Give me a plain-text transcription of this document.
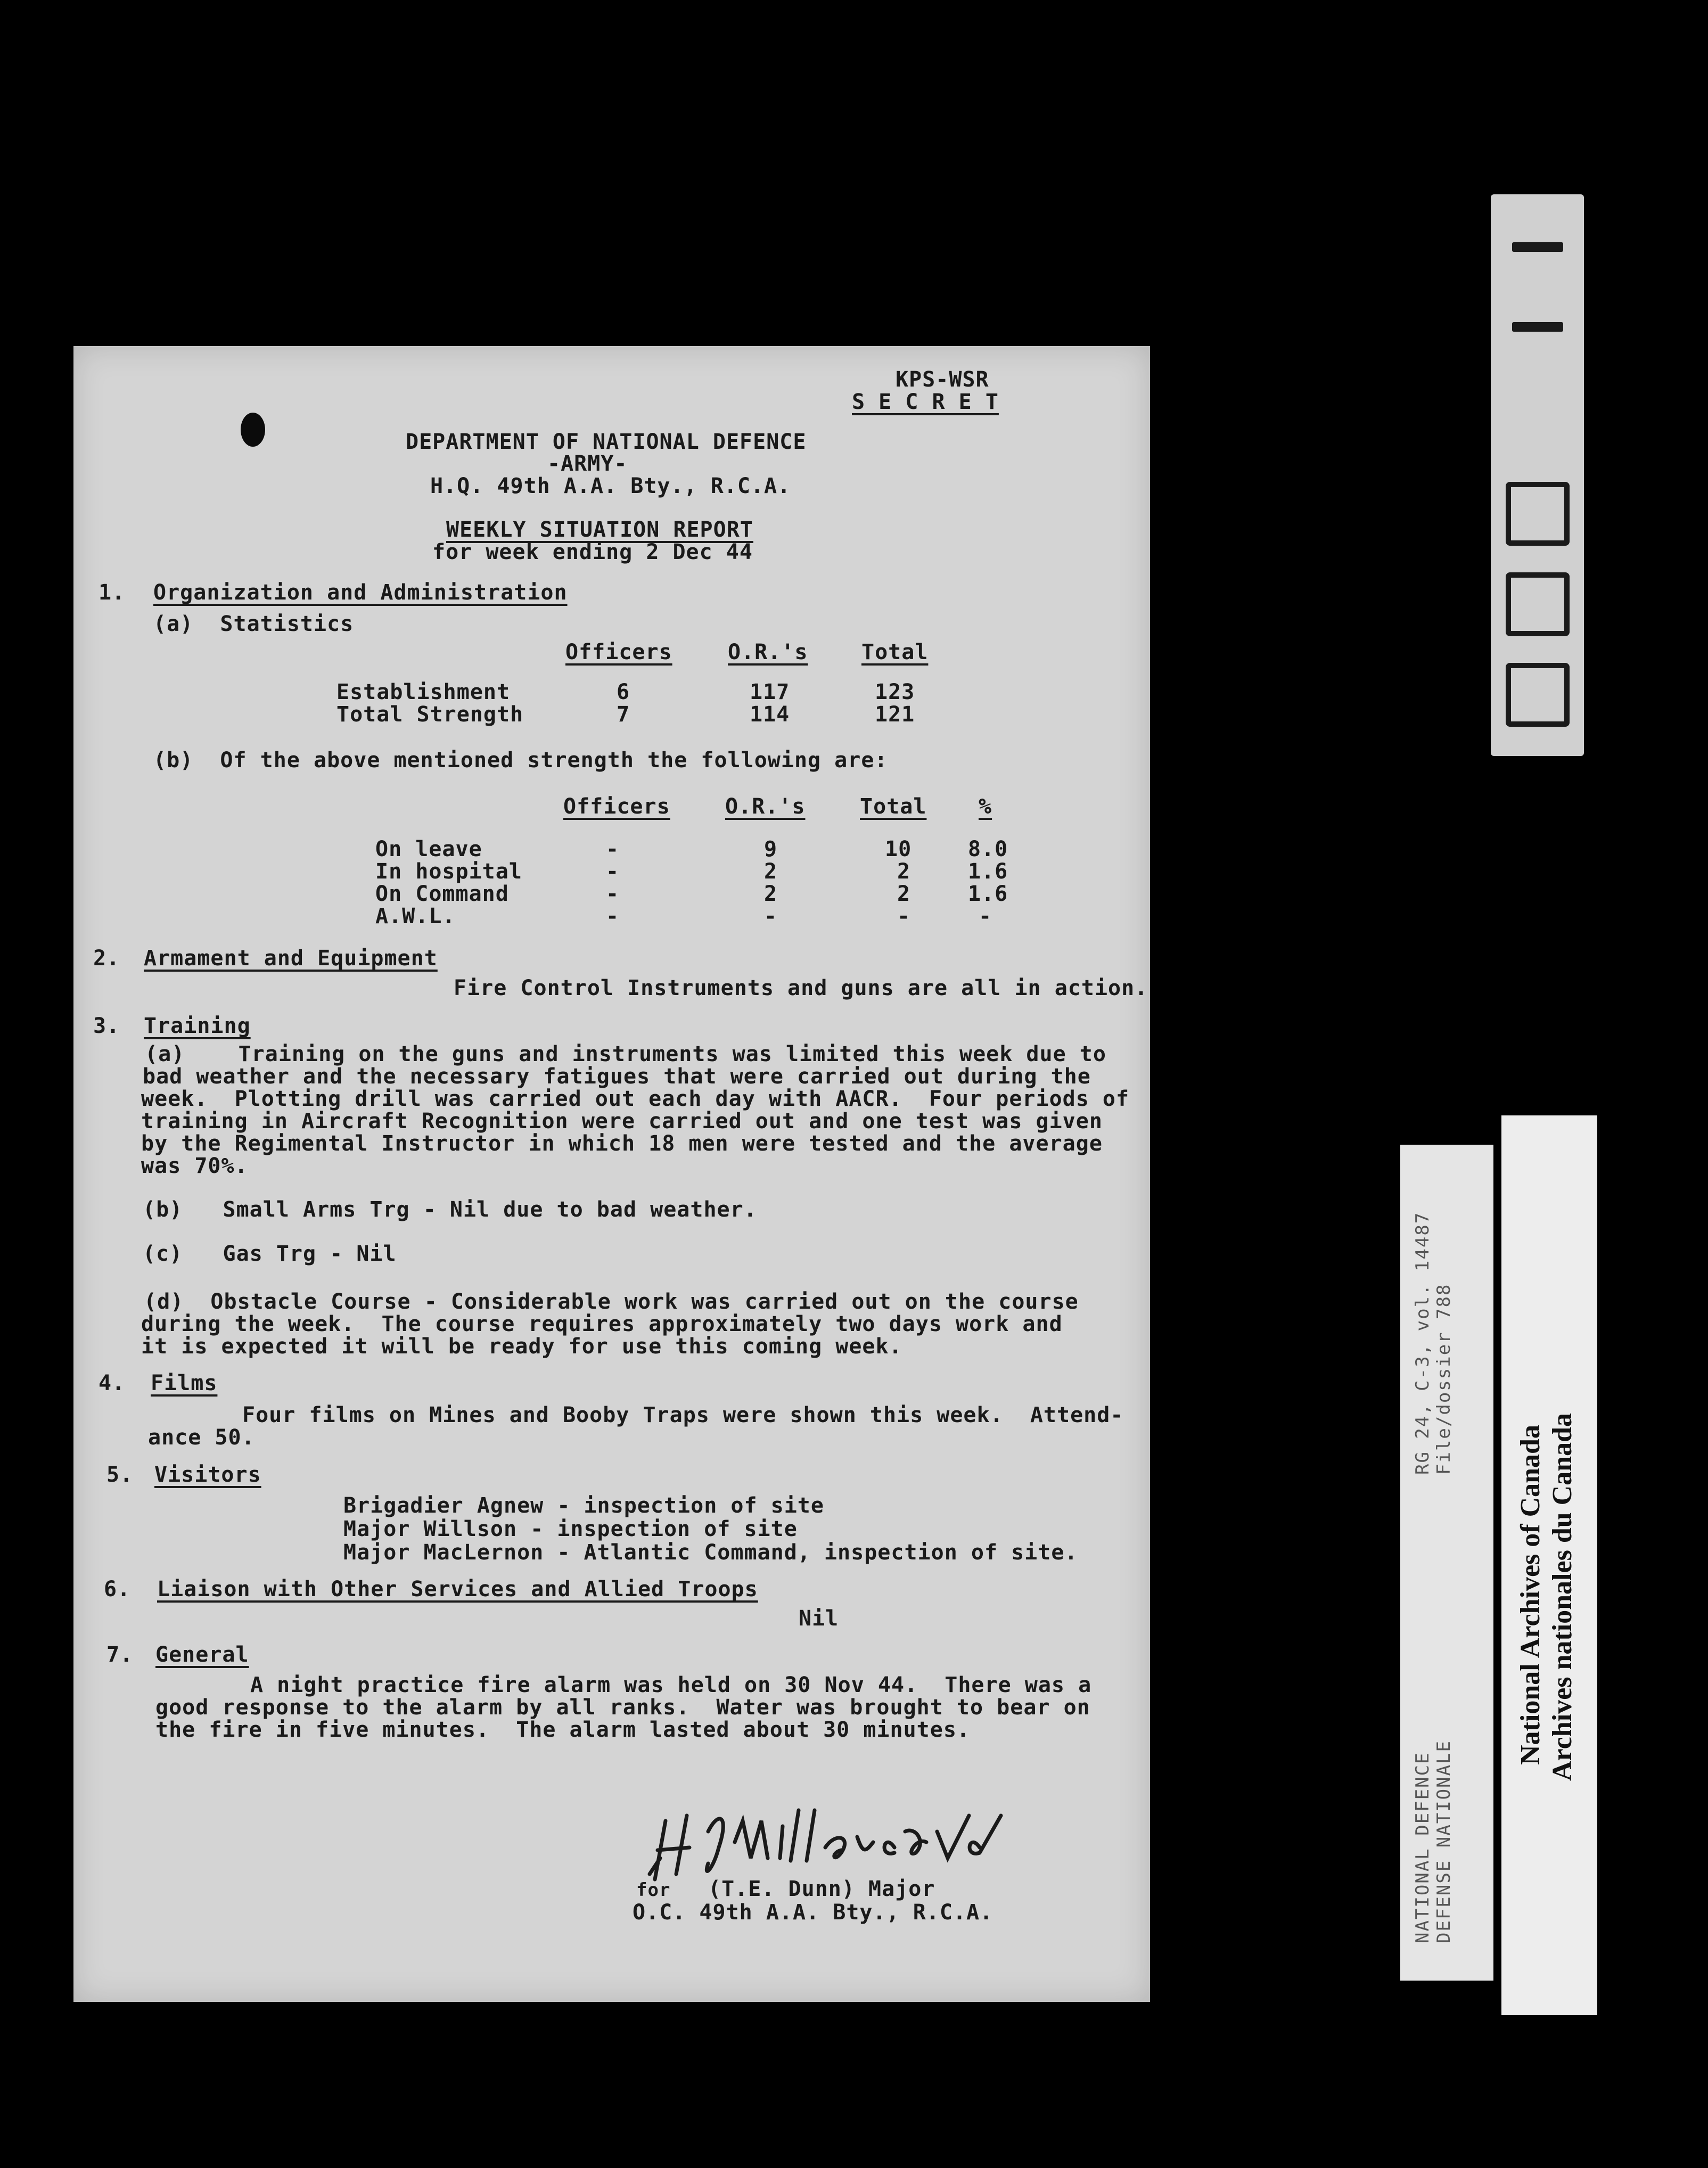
KPS-WSR
S E C R E T
DEPARTMENT OF NATIONAL DEFENCE
-ARMY-
H.Q. 49th A.A. Bty., R.C.A.
WEEKLY SITUATION REPORT
for week ending 2 Dec 44
1. Organization and Administration
(a)  Statistics
Officers	O.R.'s	Total
Establishment	6	117	123
Total Strength	7	114	121
(b)  Of the above mentioned strength the following are:
Officers	O.R.'s	Total %
On leave	-	9	10	8.0
In hospital	-	2	2	1.6
On Command	-	2	2	1.6
A.W.L.	-	-	-	-
2. Armament and Equipment
Fire Control Instruments and guns are all in action.
3. Training
(a)    Training on the guns and instruments was limited this week due to
bad weather and the necessary fatigues that were carried out during the
week.  Plotting drill was carried out each day with AACR.  Four periods of
training in Aircraft Recognition were carried out and one test was given
by the Regimental Instructor in which 18 men were tested and the average
was 70%.
(b)   Small Arms Trg - Nil due to bad weather.
(c)   Gas Trg - Nil
(d)  Obstacle Course - Considerable work was carried out on the course
during the week.  The course requires approximately two days work and
it is expected it will be ready for use this coming week.
4. Films
Four films on Mines and Booby Traps were shown this week.  Attend-
ance 50.
5. Visitors
Brigadier Agnew - inspection of site
Major Willson - inspection of site
Major MacLernon - Atlantic Command, inspection of site.
6. Liaison with Other Services and Allied Troops
Nil
7. General
A night practice fire alarm was held on 30 Nov 44.  There was a
good response to the alarm by all ranks.  Water was brought to bear on
the fire in five minutes.  The alarm lasted about 30 minutes.
for (T.E. Dunn) Major
O.C. 49th A.A. Bty., R.C.A.
RG 24, C-3, vol. 14487 File/dossier 788
NATIONAL DEFENCE DEFENSE NATIONALE
National Archives of Canada Archives nationales du Canada
